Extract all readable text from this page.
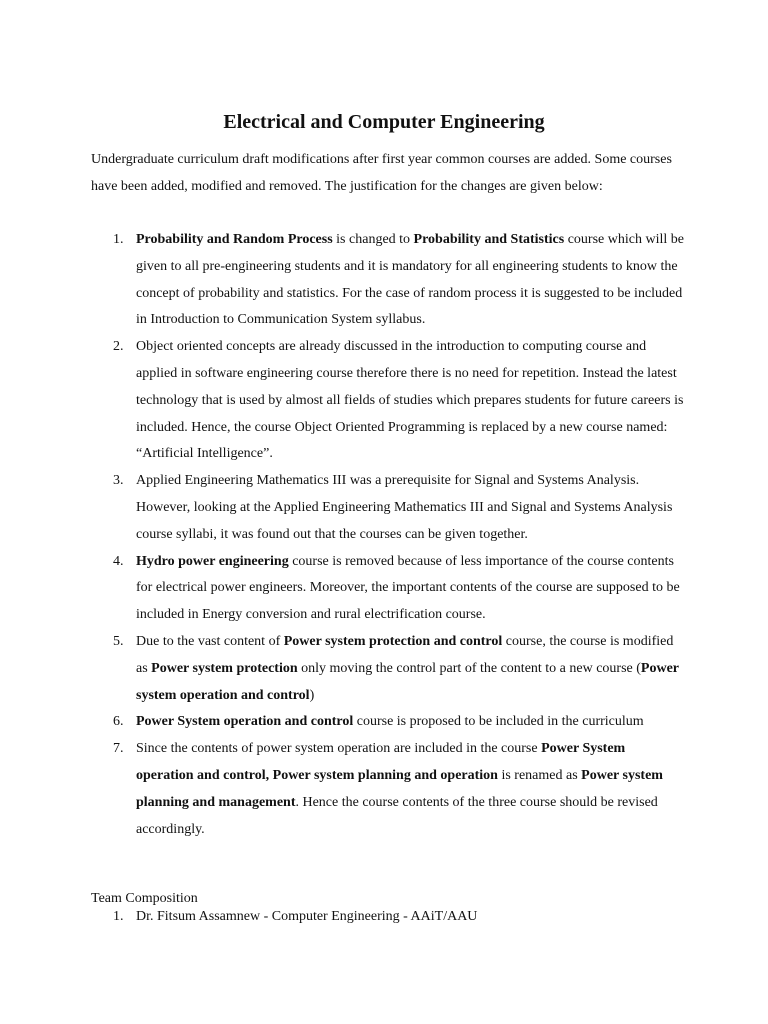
Electrical and Computer Engineering

Undergraduate curriculum draft modifications after first year common courses are added. Some courses have been added, modified and removed. The justification for the changes are given below:

1. Probability and Random Process is changed to Probability and Statistics course which will be given to all pre-engineering students and it is mandatory for all engineering students to know the concept of probability and statistics. For the case of random process it is suggested to be included in Introduction to Communication System syllabus.
2. Object oriented concepts are already discussed in the introduction to computing course and applied in software engineering course therefore there is no need for repetition. Instead the latest technology that is used by almost all fields of studies which prepares students for future careers is included. Hence, the course Object Oriented Programming is replaced by a new course named: “Artificial Intelligence”.
3. Applied Engineering Mathematics III was a prerequisite for Signal and Systems Analysis. However, looking at the Applied Engineering Mathematics III and Signal and Systems Analysis course syllabi, it was found out that the courses can be given together.
4. Hydro power engineering course is removed because of less importance of the course contents for electrical power engineers. Moreover, the important contents of the course are supposed to be included in Energy conversion and rural electrification course.
5. Due to the vast content of Power system protection and control course, the course is modified as Power system protection only moving the control part of the content to a new course (Power system operation and control)
6. Power System operation and control course is proposed to be included in the curriculum
7. Since the contents of power system operation are included in the course Power System operation and control, Power system planning and operation is renamed as Power system planning and management. Hence the course contents of the three course should be revised accordingly.

Team Composition

1. Dr. Fitsum Assamnew - Computer Engineering - AAiT/AAU
